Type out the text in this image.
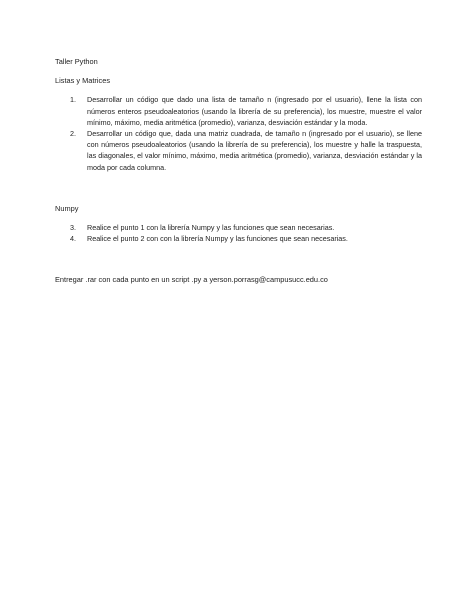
Taller Python

Listas y Matrices

1. Desarrollar un código que dado una lista de tamaño n (ingresado por el usuario), llene la lista con números enteros pseudoaleatorios (usando la librería de su preferencia), los muestre, muestre el valor mínimo, máximo, media aritmética (promedio), varianza, desviación estándar y la moda.
2. Desarrollar un código que, dada una matriz cuadrada, de tamaño n (ingresado por el usuario), se llene con números pseudoaleatorios (usando la librería de su preferencia), los muestre y halle la traspuesta, las diagonales, el valor mínimo, máximo, media aritmética (promedio), varianza, desviación estándar y la moda por cada columna.

Numpy

3. Realice el punto 1 con la librería Numpy y las funciones que sean necesarias.
4. Realice el punto 2 con con la librería Numpy y las funciones que sean necesarias.

Entregar .rar con cada punto en un script .py a yerson.porrasg@campusucc.edu.co
